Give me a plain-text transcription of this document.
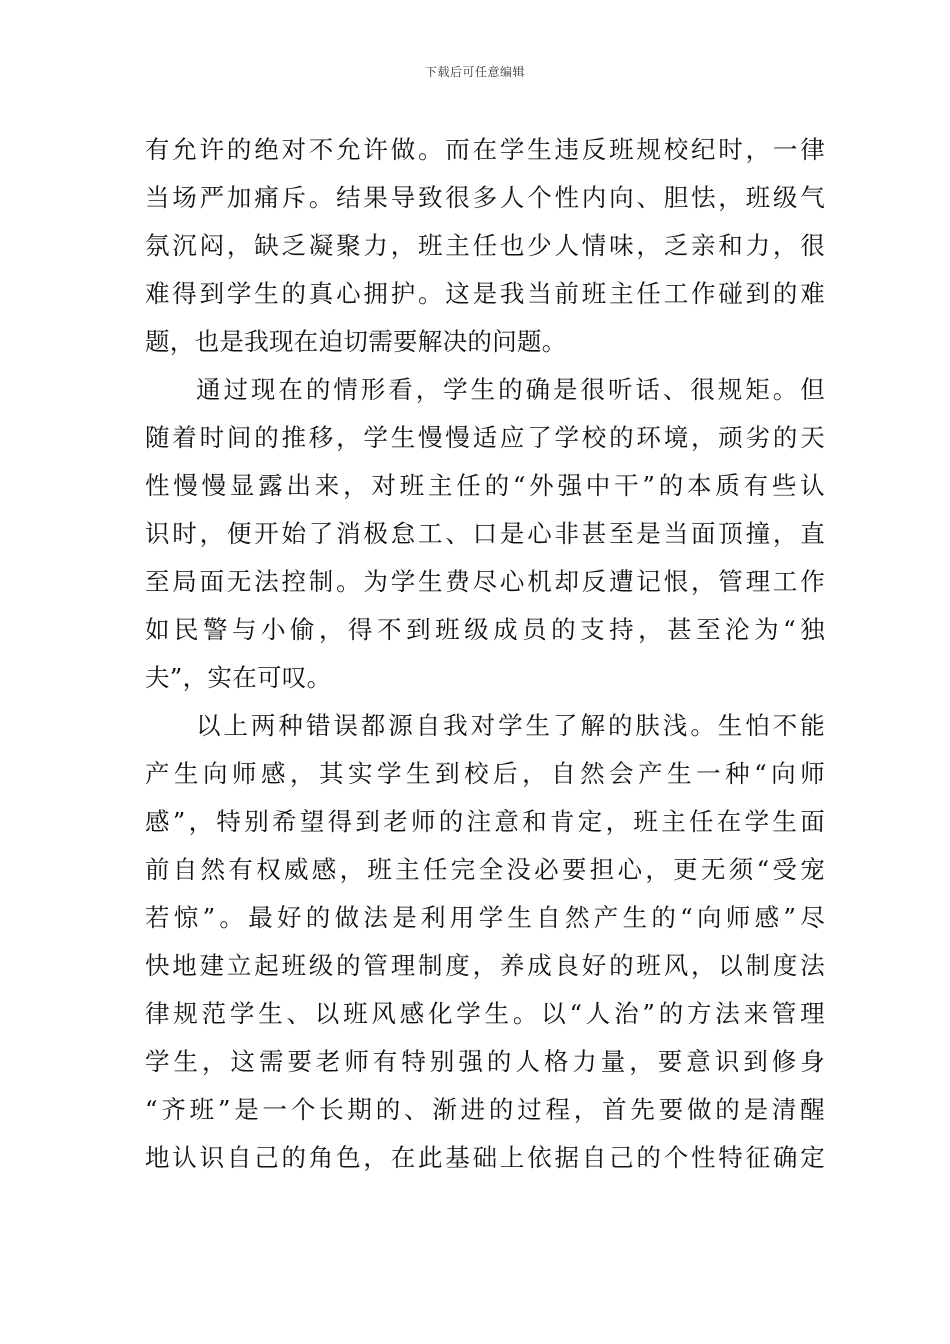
下载后可任意编辑
有允许的绝对不允许做。而在学生违反班规校纪时，一律
当场严加痛斥。结果导致很多人个性内向、胆怯，班级气
氛沉闷，缺乏凝聚力，班主任也少人情味，乏亲和力，很
难得到学生的真心拥护。这是我当前班主任工作碰到的难
题，也是我现在迫切需要解决的问题。
通过现在的情形看，学生的确是很听话、很规矩。但
随着时间的推移，学生慢慢适应了学校的环境，顽劣的天
性慢慢显露出来，对班主任的“外强中干”的本质有些认
识时，便开始了消极怠工、口是心非甚至是当面顶撞，直
至局面无法控制。为学生费尽心机却反遭记恨，管理工作
如民警与小偷，得不到班级成员的支持，甚至沦为“独
夫”，实在可叹。
以上两种错误都源自我对学生了解的肤浅。生怕不能
产生向师感，其实学生到校后，自然会产生一种“向师
感”，特别希望得到老师的注意和肯定，班主任在学生面
前自然有权威感，班主任完全没必要担心，更无须“受宠
若惊”。最好的做法是利用学生自然产生的“向师感”尽
快地建立起班级的管理制度，养成良好的班风，以制度法
律规范学生、以班风感化学生。以“人治”的方法来管理
学生，这需要老师有特别强的人格力量，要意识到修身
“齐班”是一个长期的、渐进的过程，首先要做的是清醒
地认识自己的角色，在此基础上依据自己的个性特征确定
